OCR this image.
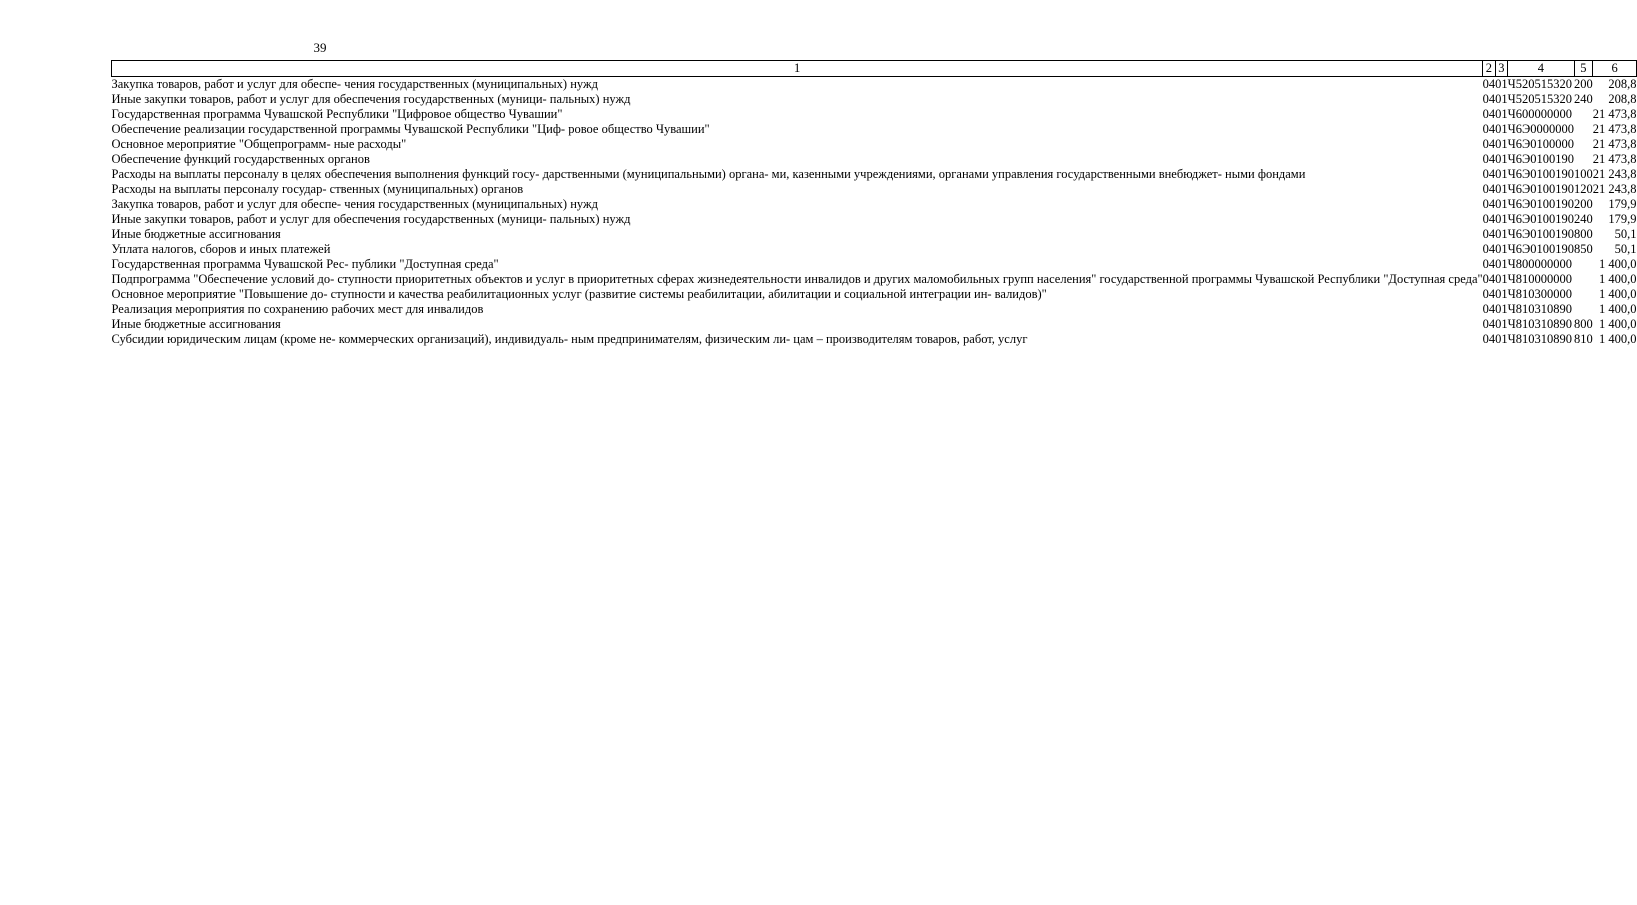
39
1	2	3	4	5	6
Закупка товаров, работ и услуг для обеспе- чения государственных (муниципальных) нужд	04	01	Ч520515320	200	208,8
Иные закупки товаров, работ и услуг для обеспечения государственных (муници- пальных) нужд	04	01	Ч520515320	240	208,8
Государственная программа Чувашской Республики "Цифровое общество Чувашии"	04	01	Ч600000000		21 473,8
Обеспечение реализации государственной программы Чувашской Республики "Циф- ровое общество Чувашии"	04	01	Ч6Э0000000		21 473,8
Основное мероприятие "Общепрограмм- ные расходы"	04	01	Ч6Э0100000		21 473,8
Обеспечение функций государственных органов	04	01	Ч6Э0100190		21 473,8
Расходы на выплаты персоналу в целях обеспечения выполнения функций госу- дарственными (муниципальными) органа- ми, казенными учреждениями, органами управления государственными внебюджет- ными фондами	04	01	Ч6Э0100190	100	21 243,8
Расходы на выплаты персоналу государ- ственных (муниципальных) органов	04	01	Ч6Э0100190	120	21 243,8
Закупка товаров, работ и услуг для обеспе- чения государственных (муниципальных) нужд	04	01	Ч6Э0100190	200	179,9
Иные закупки товаров, работ и услуг для обеспечения государственных (муници- пальных) нужд	04	01	Ч6Э0100190	240	179,9
Иные бюджетные ассигнования	04	01	Ч6Э0100190	800	50,1
Уплата налогов, сборов и иных платежей	04	01	Ч6Э0100190	850	50,1
Государственная программа Чувашской Рес- публики "Доступная среда"	04	01	Ч800000000		1 400,0
Подпрограмма "Обеспечение условий до- ступности приоритетных объектов и услуг в приоритетных сферах жизнедеятельности инвалидов и других маломобильных групп населения" государственной программы Чувашской Республики "Доступная среда"	04	01	Ч810000000		1 400,0
Основное мероприятие "Повышение до- ступности и качества реабилитационных услуг (развитие системы реабилитации, абилитации и социальной интеграции ин- валидов)"	04	01	Ч810300000		1 400,0
Реализация мероприятия по сохранению рабочих мест для инвалидов	04	01	Ч810310890		1 400,0
Иные бюджетные ассигнования	04	01	Ч810310890	800	1 400,0
Субсидии юридическим лицам (кроме не- коммерческих организаций), индивидуаль- ным предпринимателям, физическим ли- цам – производителям товаров, работ, услуг	04	01	Ч810310890	810	1 400,0
